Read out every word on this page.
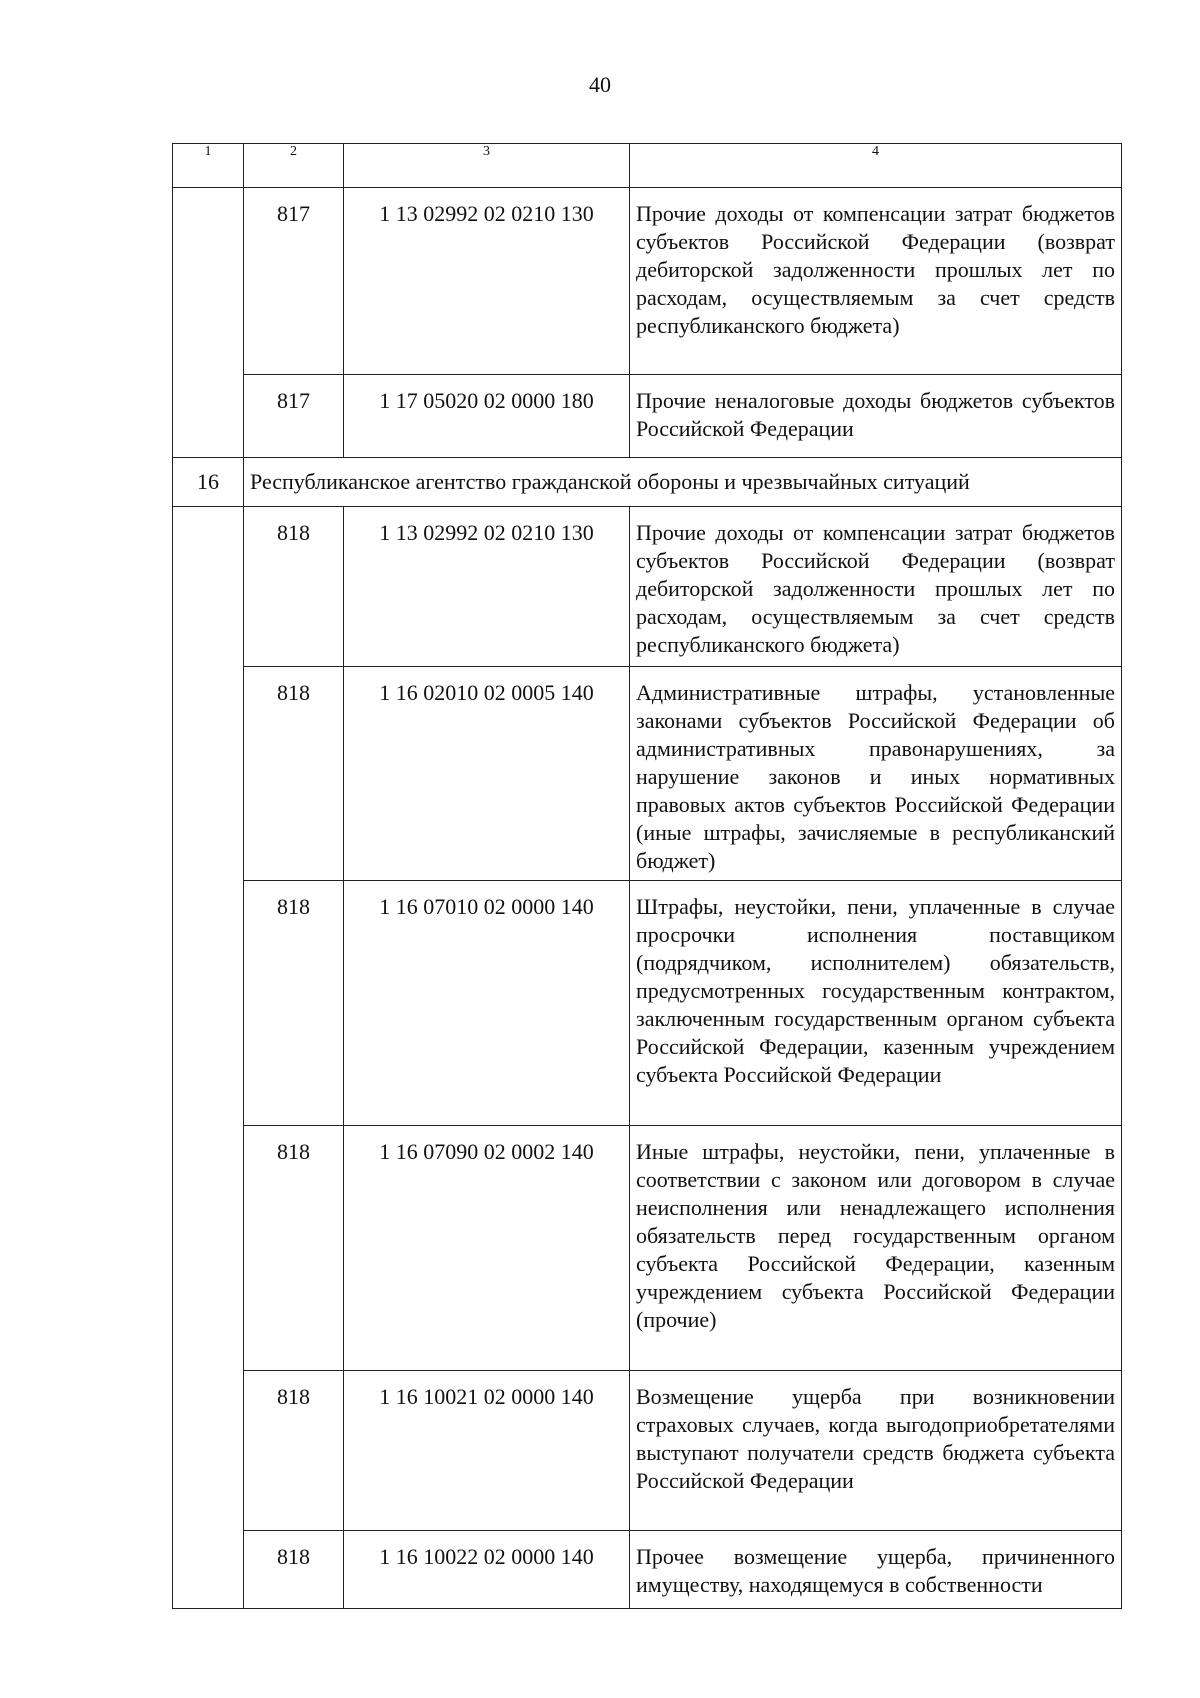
40
1	2	3	4
	817	1 13 02992 02 0210 130	Прочие доходы от компенсации затрат бюджетов субъектов Российской Федерации (возврат дебиторской задолженности прошлых лет по расходам, осуществляемым за счет средств республиканского бюджета)
	817	1 17 05020 02 0000 180	Прочие неналоговые доходы бюджетов субъектов Российской Федерации
16	Республиканское агентство гражданской обороны и чрезвычайных ситуаций		
	818	1 13 02992 02 0210 130	Прочие доходы от компенсации затрат бюджетов субъектов Российской Федерации (возврат дебиторской задолженности прошлых лет по расходам, осуществляемым за счет средств республиканского бюджета)
	818	1 16 02010 02 0005 140	Административные штрафы, установленные законами субъектов Российской Федерации об административных правонарушениях, за нарушение законов и иных нормативных правовых актов субъектов Российской Федерации (иные штрафы, зачисляемые в республиканский бюджет)
	818	1 16 07010 02 0000 140	Штрафы, неустойки, пени, уплаченные в случае просрочки исполнения поставщиком (подрядчиком, исполнителем) обязательств, предусмотренных государственным контрактом, заключенным государственным органом субъекта Российской Федерации, казенным учреждением субъекта Российской Федерации
	818	1 16 07090 02 0002 140	Иные штрафы, неустойки, пени, уплаченные в соответствии с законом или договором в случае неисполнения или ненадлежащего исполнения обязательств перед государственным органом субъекта Российской Федерации, казенным учреждением субъекта Российской Федерации (прочие)
	818	1 16 10021 02 0000 140	Возмещение ущерба при возникновении страховых случаев, когда выгодоприобретателями выступают получатели средств бюджета субъекта Российской Федерации
	818	1 16 10022 02 0000 140	Прочее возмещение ущерба, причиненного имуществу, находящемуся в собственности
